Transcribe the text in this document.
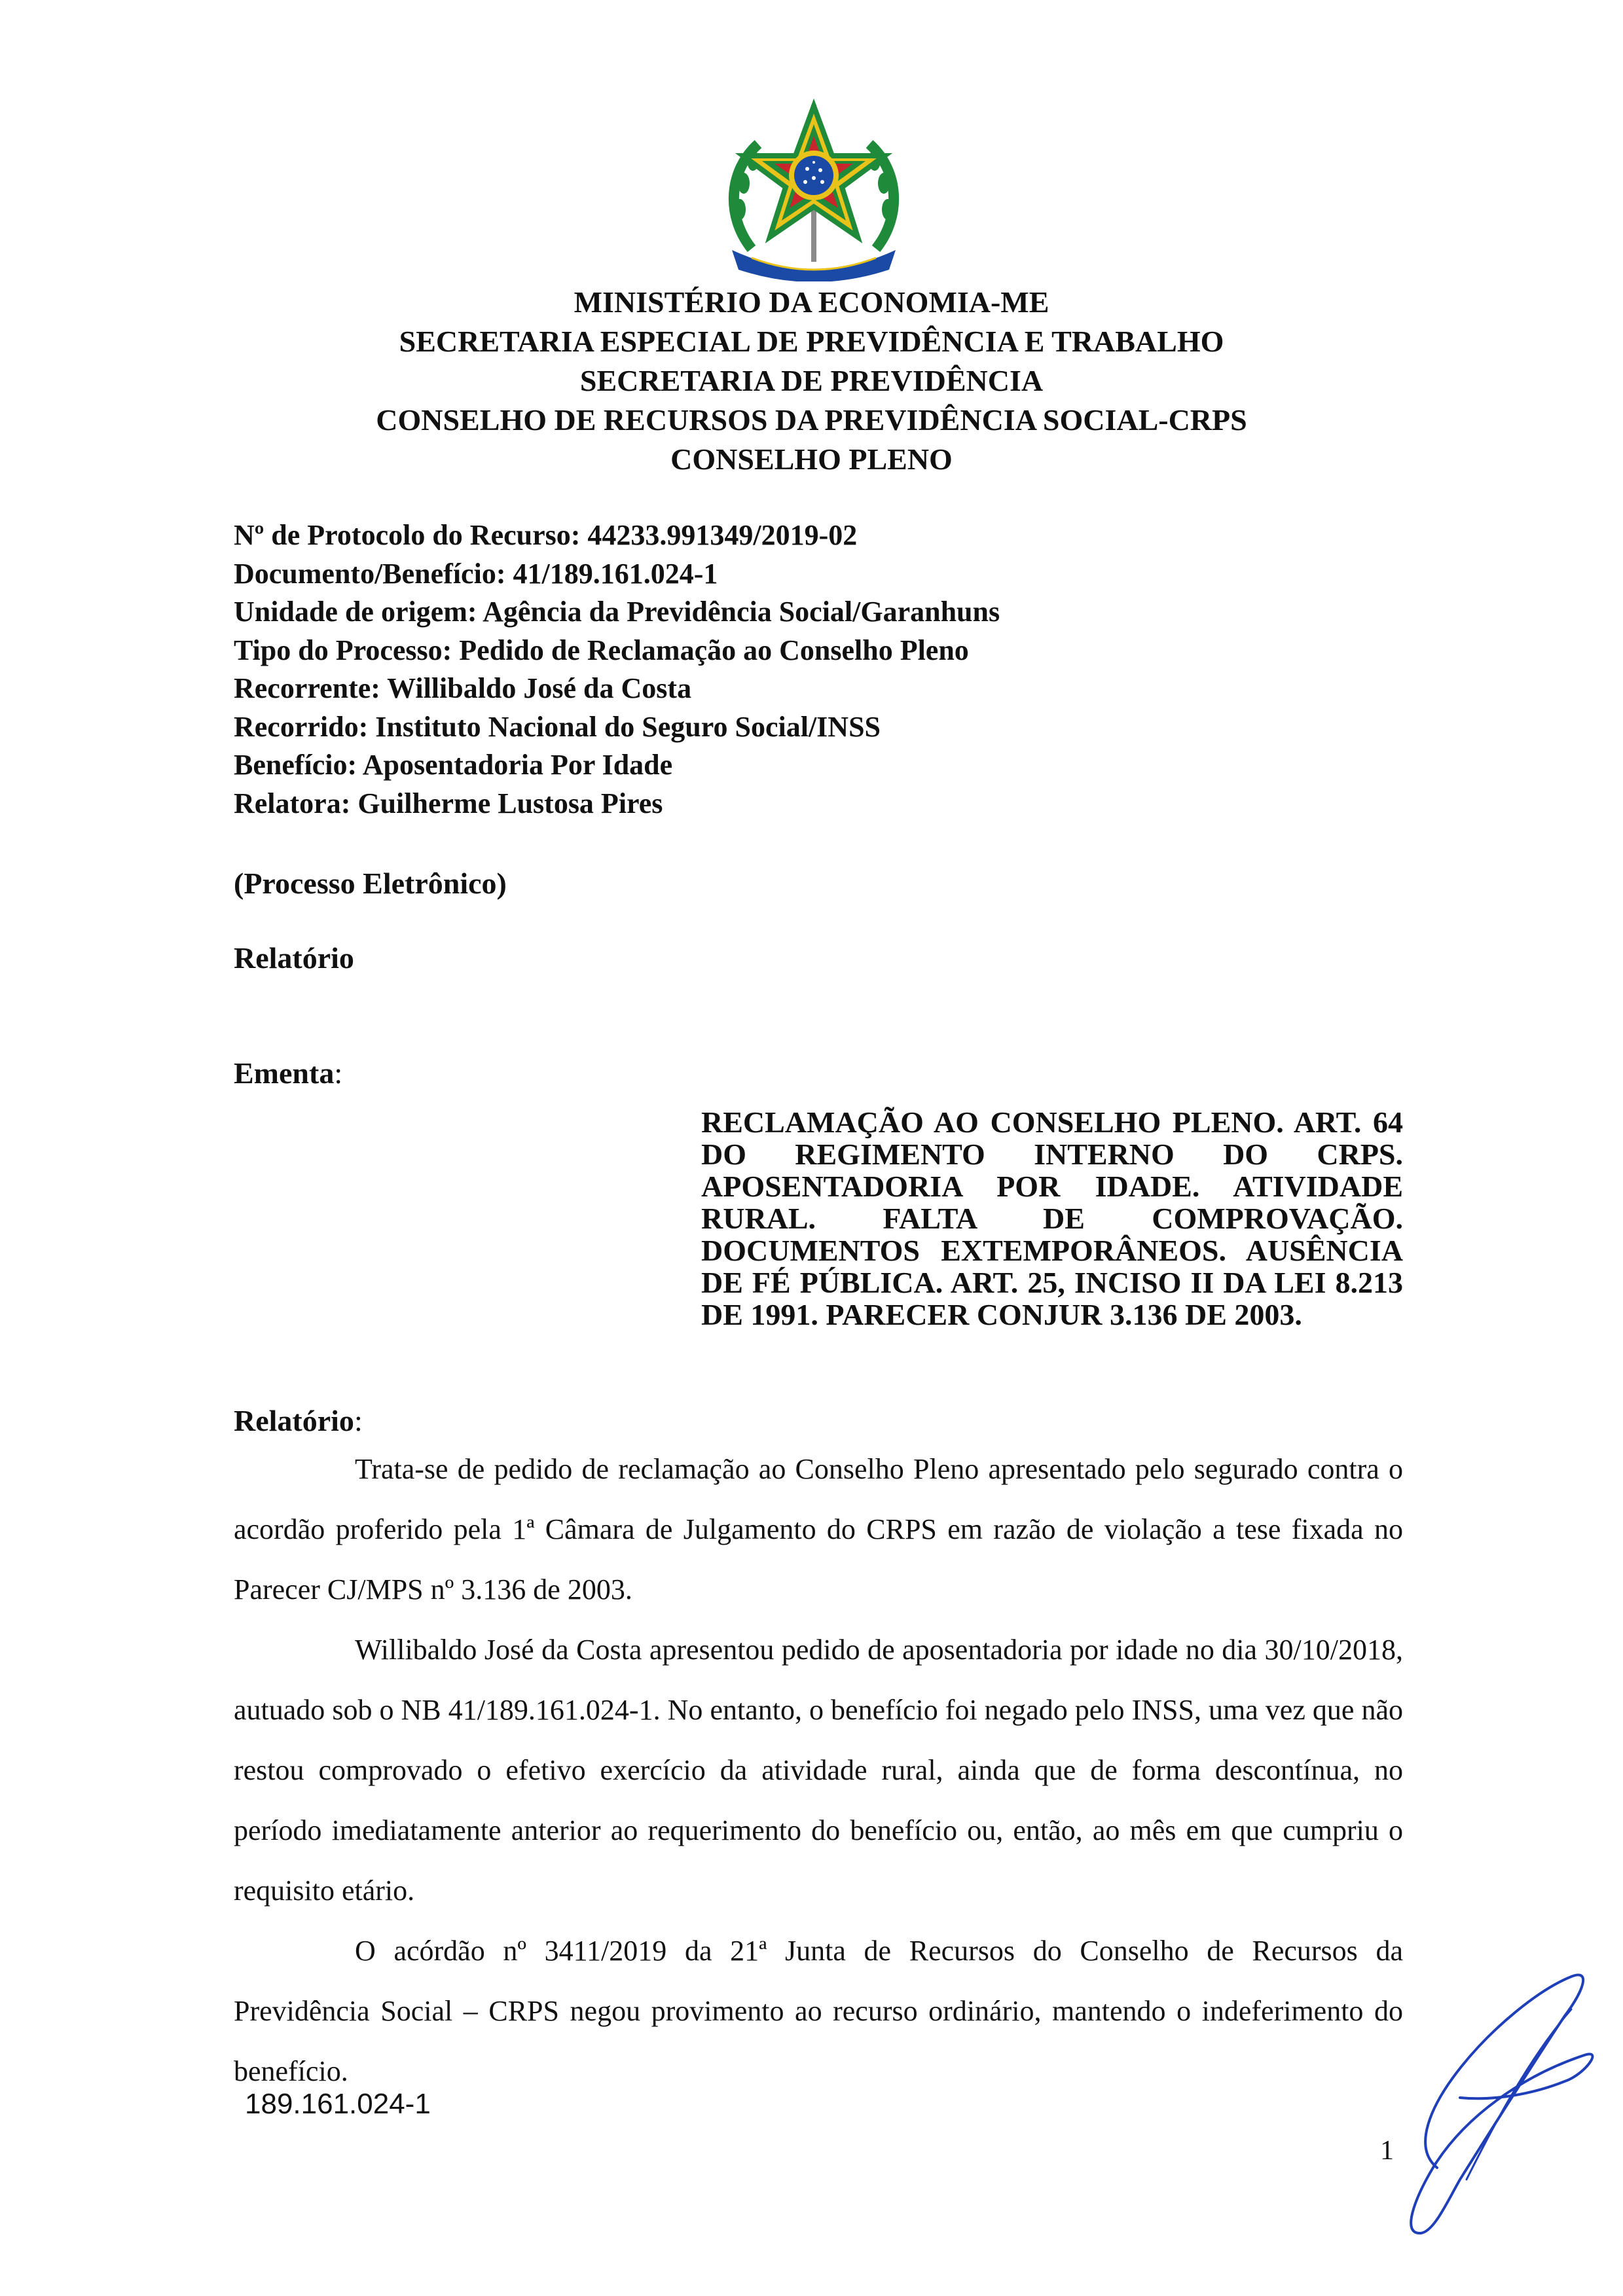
MINISTÉRIO DA ECONOMIA-ME
SECRETARIA ESPECIAL DE PREVIDÊNCIA E TRABALHO
SECRETARIA DE PREVIDÊNCIA
CONSELHO DE RECURSOS DA PREVIDÊNCIA SOCIAL-CRPS
CONSELHO PLENO
Nº de Protocolo do Recurso: 44233.991349/2019-02
Documento/Benefício: 41/189.161.024-1
Unidade de origem: Agência da Previdência Social/Garanhuns
Tipo do Processo: Pedido de Reclamação ao Conselho Pleno
Recorrente: Willibaldo José da Costa
Recorrido: Instituto Nacional do Seguro Social/INSS
Benefício: Aposentadoria Por Idade
Relatora: Guilherme Lustosa Pires
(Processo Eletrônico)
Relatório
Ementa:
RECLAMAÇÃO AO CONSELHO PLENO. ART. 64 DO REGIMENTO INTERNO DO CRPS. APOSENTADORIA POR IDADE. ATIVIDADE RURAL. FALTA DE COMPROVAÇÃO. DOCUMENTOS EXTEMPORÂNEOS. AUSÊNCIA DE FÉ PÚBLICA. ART. 25, INCISO II DA LEI 8.213 DE 1991. PARECER CONJUR 3.136 DE 2003.
Relatório:

Trata-se de pedido de reclamação ao Conselho Pleno apresentado pelo segurado contra o acordão proferido pela 1ª Câmara de Julgamento do CRPS em razão de violação a tese fixada no Parecer CJ/MPS nº 3.136 de 2003.

Willibaldo José da Costa apresentou pedido de aposentadoria por idade no dia 30/10/2018, autuado sob o NB 41/189.161.024-1. No entanto, o benefício foi negado pelo INSS, uma vez que não restou comprovado o efetivo exercício da atividade rural, ainda que de forma descontínua, no período imediatamente anterior ao requerimento do benefício ou, então, ao mês em que cumpriu o requisito etário.

O acórdão nº 3411/2019 da 21ª Junta de Recursos do Conselho de Recursos da Previdência Social – CRPS negou provimento ao recurso ordinário, mantendo o indeferimento do benefício.

189.161.024-1
1
